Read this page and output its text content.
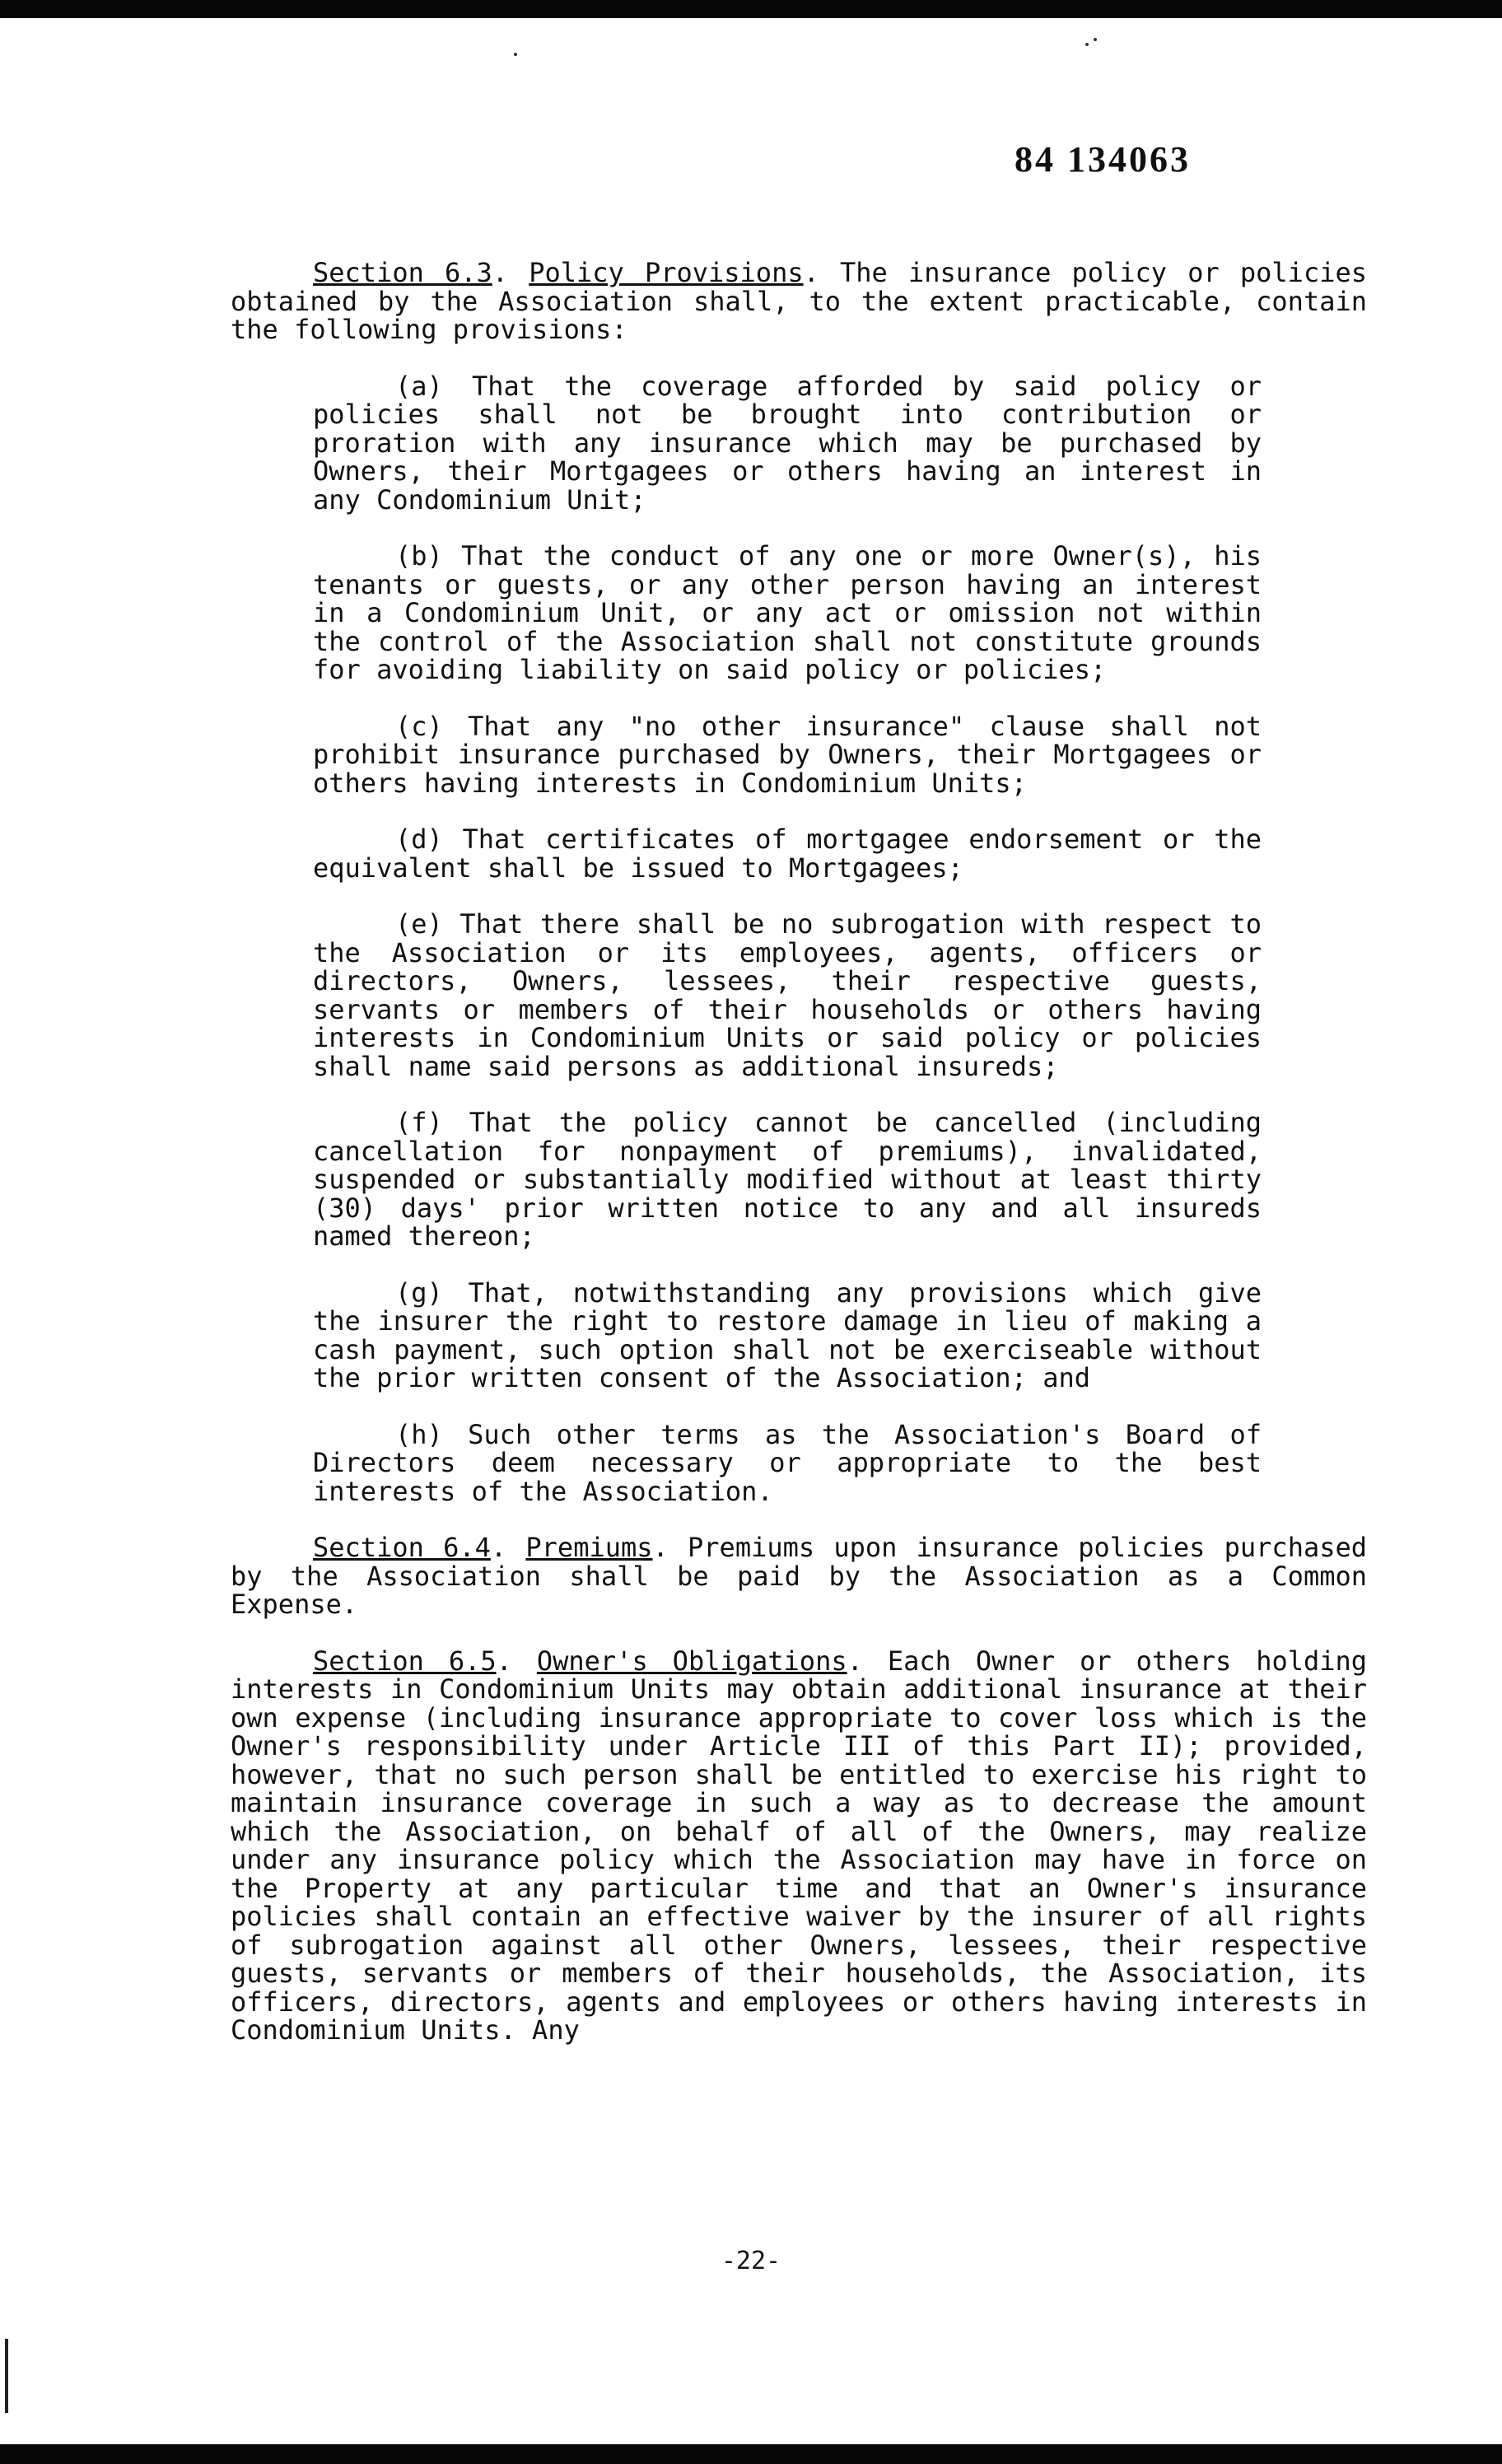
84 134063

Section 6.3. Policy Provisions. The insurance policy or policies obtained by the Association shall, to the extent practicable, contain the following provisions:

(a) That the coverage afforded by said policy or policies shall not be brought into contribution or proration with any insurance which may be purchased by Owners, their Mortgagees or others having an interest in any Condominium Unit;

(b) That the conduct of any one or more Owner(s), his tenants or guests, or any other person having an interest in a Condominium Unit, or any act or omission not within the control of the Association shall not constitute grounds for avoiding liability on said policy or policies;

(c) That any "no other insurance" clause shall not prohibit insurance purchased by Owners, their Mortgagees or others having interests in Condominium Units;

(d) That certificates of mortgagee endorsement or the equivalent shall be issued to Mortgagees;

(e) That there shall be no subrogation with respect to the Association or its employees, agents, officers or directors, Owners, lessees, their respective guests, servants or members of their households or others having interests in Condominium Units or said policy or policies shall name said persons as additional insureds;

(f) That the policy cannot be cancelled (including cancellation for nonpayment of premiums), invalidated, suspended or substantially modified without at least thirty (30) days' prior written notice to any and all insureds named thereon;

(g) That, notwithstanding any provisions which give the insurer the right to restore damage in lieu of making a cash payment, such option shall not be exerciseable without the prior written consent of the Association; and

(h) Such other terms as the Association's Board of Directors deem necessary or appropriate to the best interests of the Association.

Section 6.4. Premiums. Premiums upon insurance policies purchased by the Association shall be paid by the Association as a Common Expense.

Section 6.5. Owner's Obligations. Each Owner or others holding interests in Condominium Units may obtain additional insurance at their own expense (including insurance appropriate to cover loss which is the Owner's responsibility under Article III of this Part II); provided, however, that no such person shall be entitled to exercise his right to maintain insurance coverage in such a way as to decrease the amount which the Association, on behalf of all of the Owners, may realize under any insurance policy which the Association may have in force on the Property at any particular time and that an Owner's insurance policies shall contain an effective waiver by the insurer of all rights of subrogation against all other Owners, lessees, their respective guests, servants or members of their households, the Association, its officers, directors, agents and employees or others having interests in Condominium Units. Any

-22-
